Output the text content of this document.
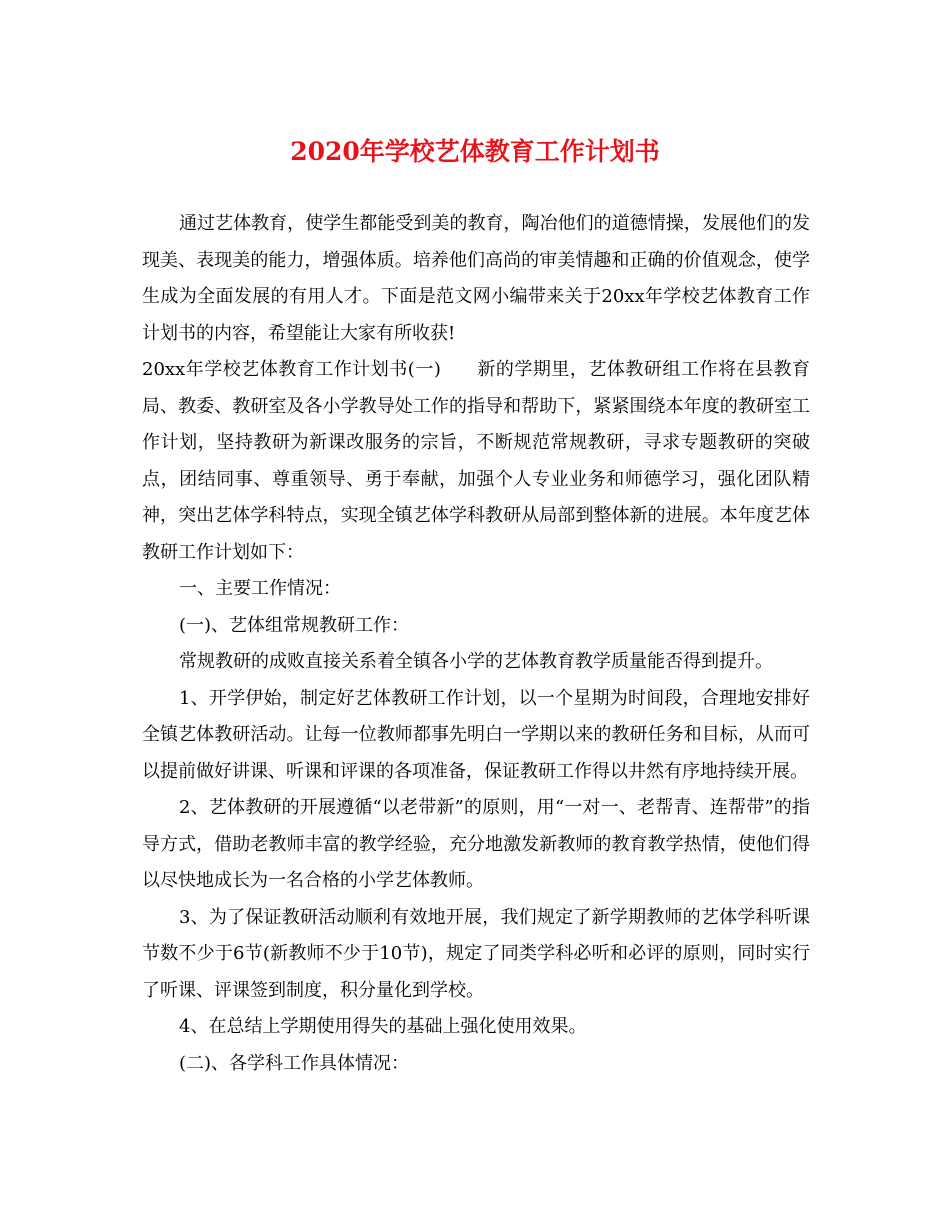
2020年学校艺体教育工作计划书

通过艺体教育，使学生都能受到美的教育，陶冶他们的道德情操，发展他们的发现美、表现美的能力，增强体质。培养他们高尚的审美情趣和正确的价值观念，使学生成为全面发展的有用人才。下面是范文网小编带来关于20xx年学校艺体教育工作计划书的内容，希望能让大家有所收获!

20xx年学校艺体教育工作计划书(一) 新的学期里，艺体教研组工作将在县教育局、教委、教研室及各小学教导处工作的指导和帮助下，紧紧围绕本年度的教研室工作计划，坚持教研为新课改服务的宗旨，不断规范常规教研，寻求专题教研的突破点，团结同事、尊重领导、勇于奉献，加强个人专业业务和师德学习，强化团队精神，突出艺体学科特点，实现全镇艺体学科教研从局部到整体新的进展。本年度艺体教研工作计划如下：

一、主要工作情况：

(一)、艺体组常规教研工作：

常规教研的成败直接关系着全镇各小学的艺体教育教学质量能否得到提升。

1、开学伊始，制定好艺体教研工作计划，以一个星期为时间段，合理地安排好全镇艺体教研活动。让每一位教师都事先明白一学期以来的教研任务和目标，从而可以提前做好讲课、听课和评课的各项准备，保证教研工作得以井然有序地持续开展。

2、艺体教研的开展遵循“以老带新”的原则，用“一对一、老帮青、连帮带”的指导方式，借助老教师丰富的教学经验，充分地激发新教师的教育教学热情，使他们得以尽快地成长为一名合格的小学艺体教师。

3、为了保证教研活动顺利有效地开展，我们规定了新学期教师的艺体学科听课节数不少于6节(新教师不少于10节)，规定了同类学科必听和必评的原则，同时实行了听课、评课签到制度，积分量化到学校。

4、在总结上学期使用得失的基础上强化使用效果。

(二)、各学科工作具体情况：
